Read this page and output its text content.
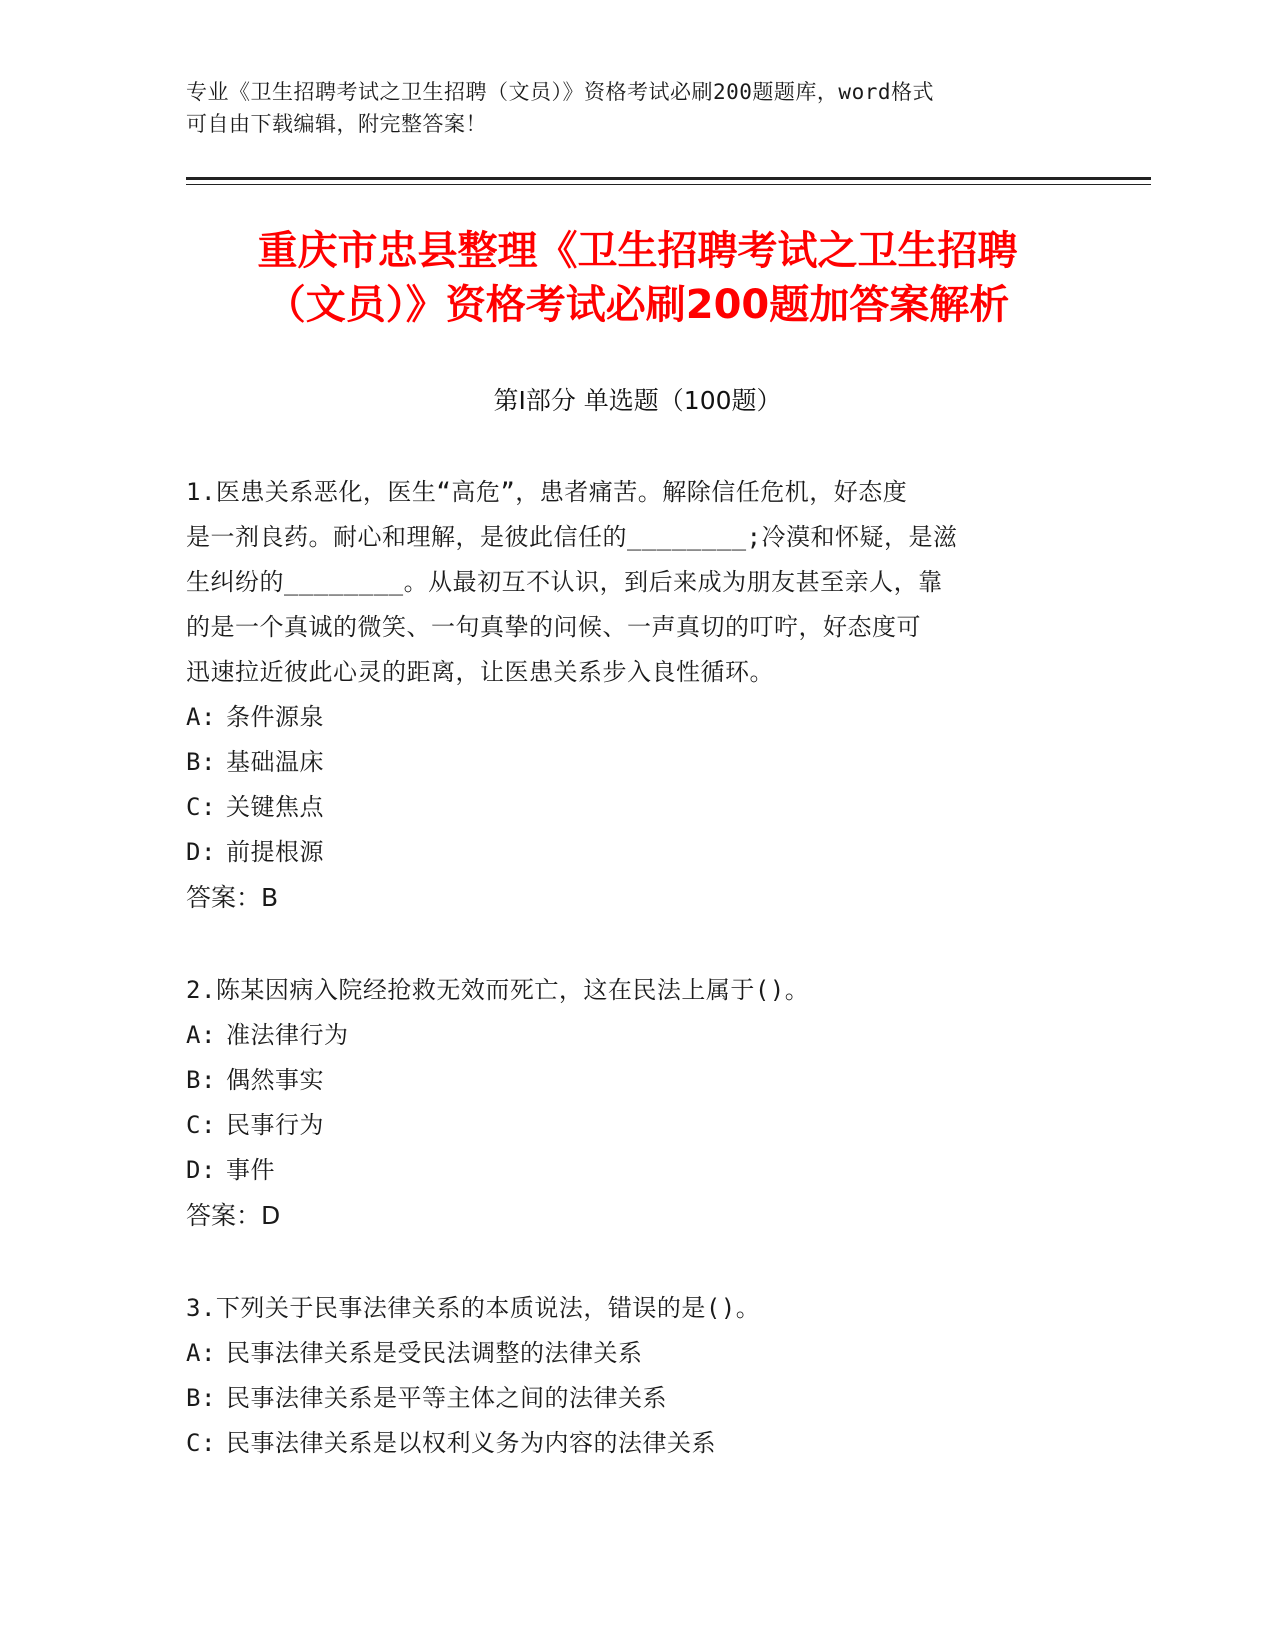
专业《卫生招聘考试之卫生招聘（文员）》资格考试必刷200题题库，word格式
可自由下载编辑，附完整答案！
重庆市忠县整理《卫生招聘考试之卫生招聘
（文员）》资格考试必刷200题加答案解析
第Ⅰ部分 单选题（100题）
1.医患关系恶化，医生“高危”，患者痛苦。解除信任危机，好态度
是一剂良药。耐心和理解，是彼此信任的________;冷漠和怀疑，是滋
生纠纷的________。从最初互不认识，到后来成为朋友甚至亲人，靠
的是一个真诚的微笑、一句真挚的问候、一声真切的叮咛，好态度可
迅速拉近彼此心灵的距离，让医患关系步入良性循环。
A: 条件源泉
B: 基础温床
C: 关键焦点
D: 前提根源
答案：B
2.陈某因病入院经抢救无效而死亡，这在民法上属于()。
A: 准法律行为
B: 偶然事实
C: 民事行为
D: 事件
答案：D
3.下列关于民事法律关系的本质说法，错误的是()。
A: 民事法律关系是受民法调整的法律关系
B: 民事法律关系是平等主体之间的法律关系
C: 民事法律关系是以权利义务为内容的法律关系
